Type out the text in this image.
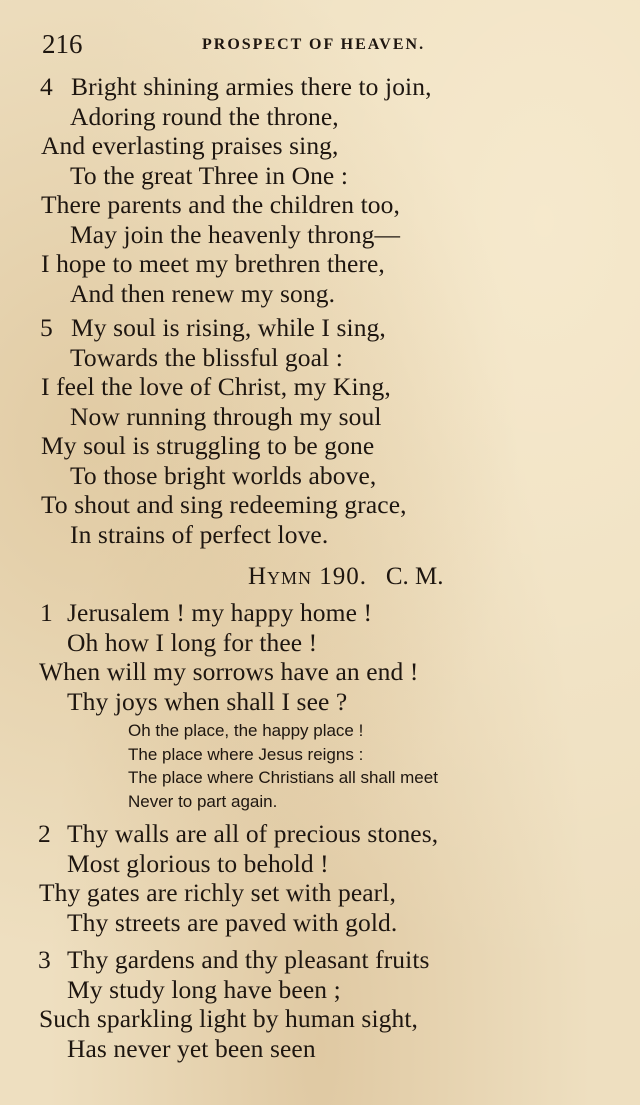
216	PROSPECT OF HEAVEN.
4 Bright shining armies there to join,
Adoring round the throne,
And everlasting praises sing,
To the great Three in One :
There parents and the children too,
May join the heavenly throng—
I hope to meet my brethren there,
And then renew my song.
5 My soul is rising, while I sing,
Towards the blissful goal :
I feel the love of Christ, my King,
Now running through my soul
My soul is struggling to be gone
To those bright worlds above,
To shout and sing redeeming grace,
In strains of perfect love.
Hymn 190. C. M.
1 Jerusalem ! my happy home !
Oh how I long for thee !
When will my sorrows have an end !
Thy joys when shall I see ?
Oh the place, the happy place !
The place where Jesus reigns :
The place where Christians all shall meet
Never to part again.
2 Thy walls are all of precious stones,
Most glorious to behold !
Thy gates are richly set with pearl,
Thy streets are paved with gold.
3 Thy gardens and thy pleasant fruits
My study long have been ;
Such sparkling light by human sight,
Has never yet been seen
